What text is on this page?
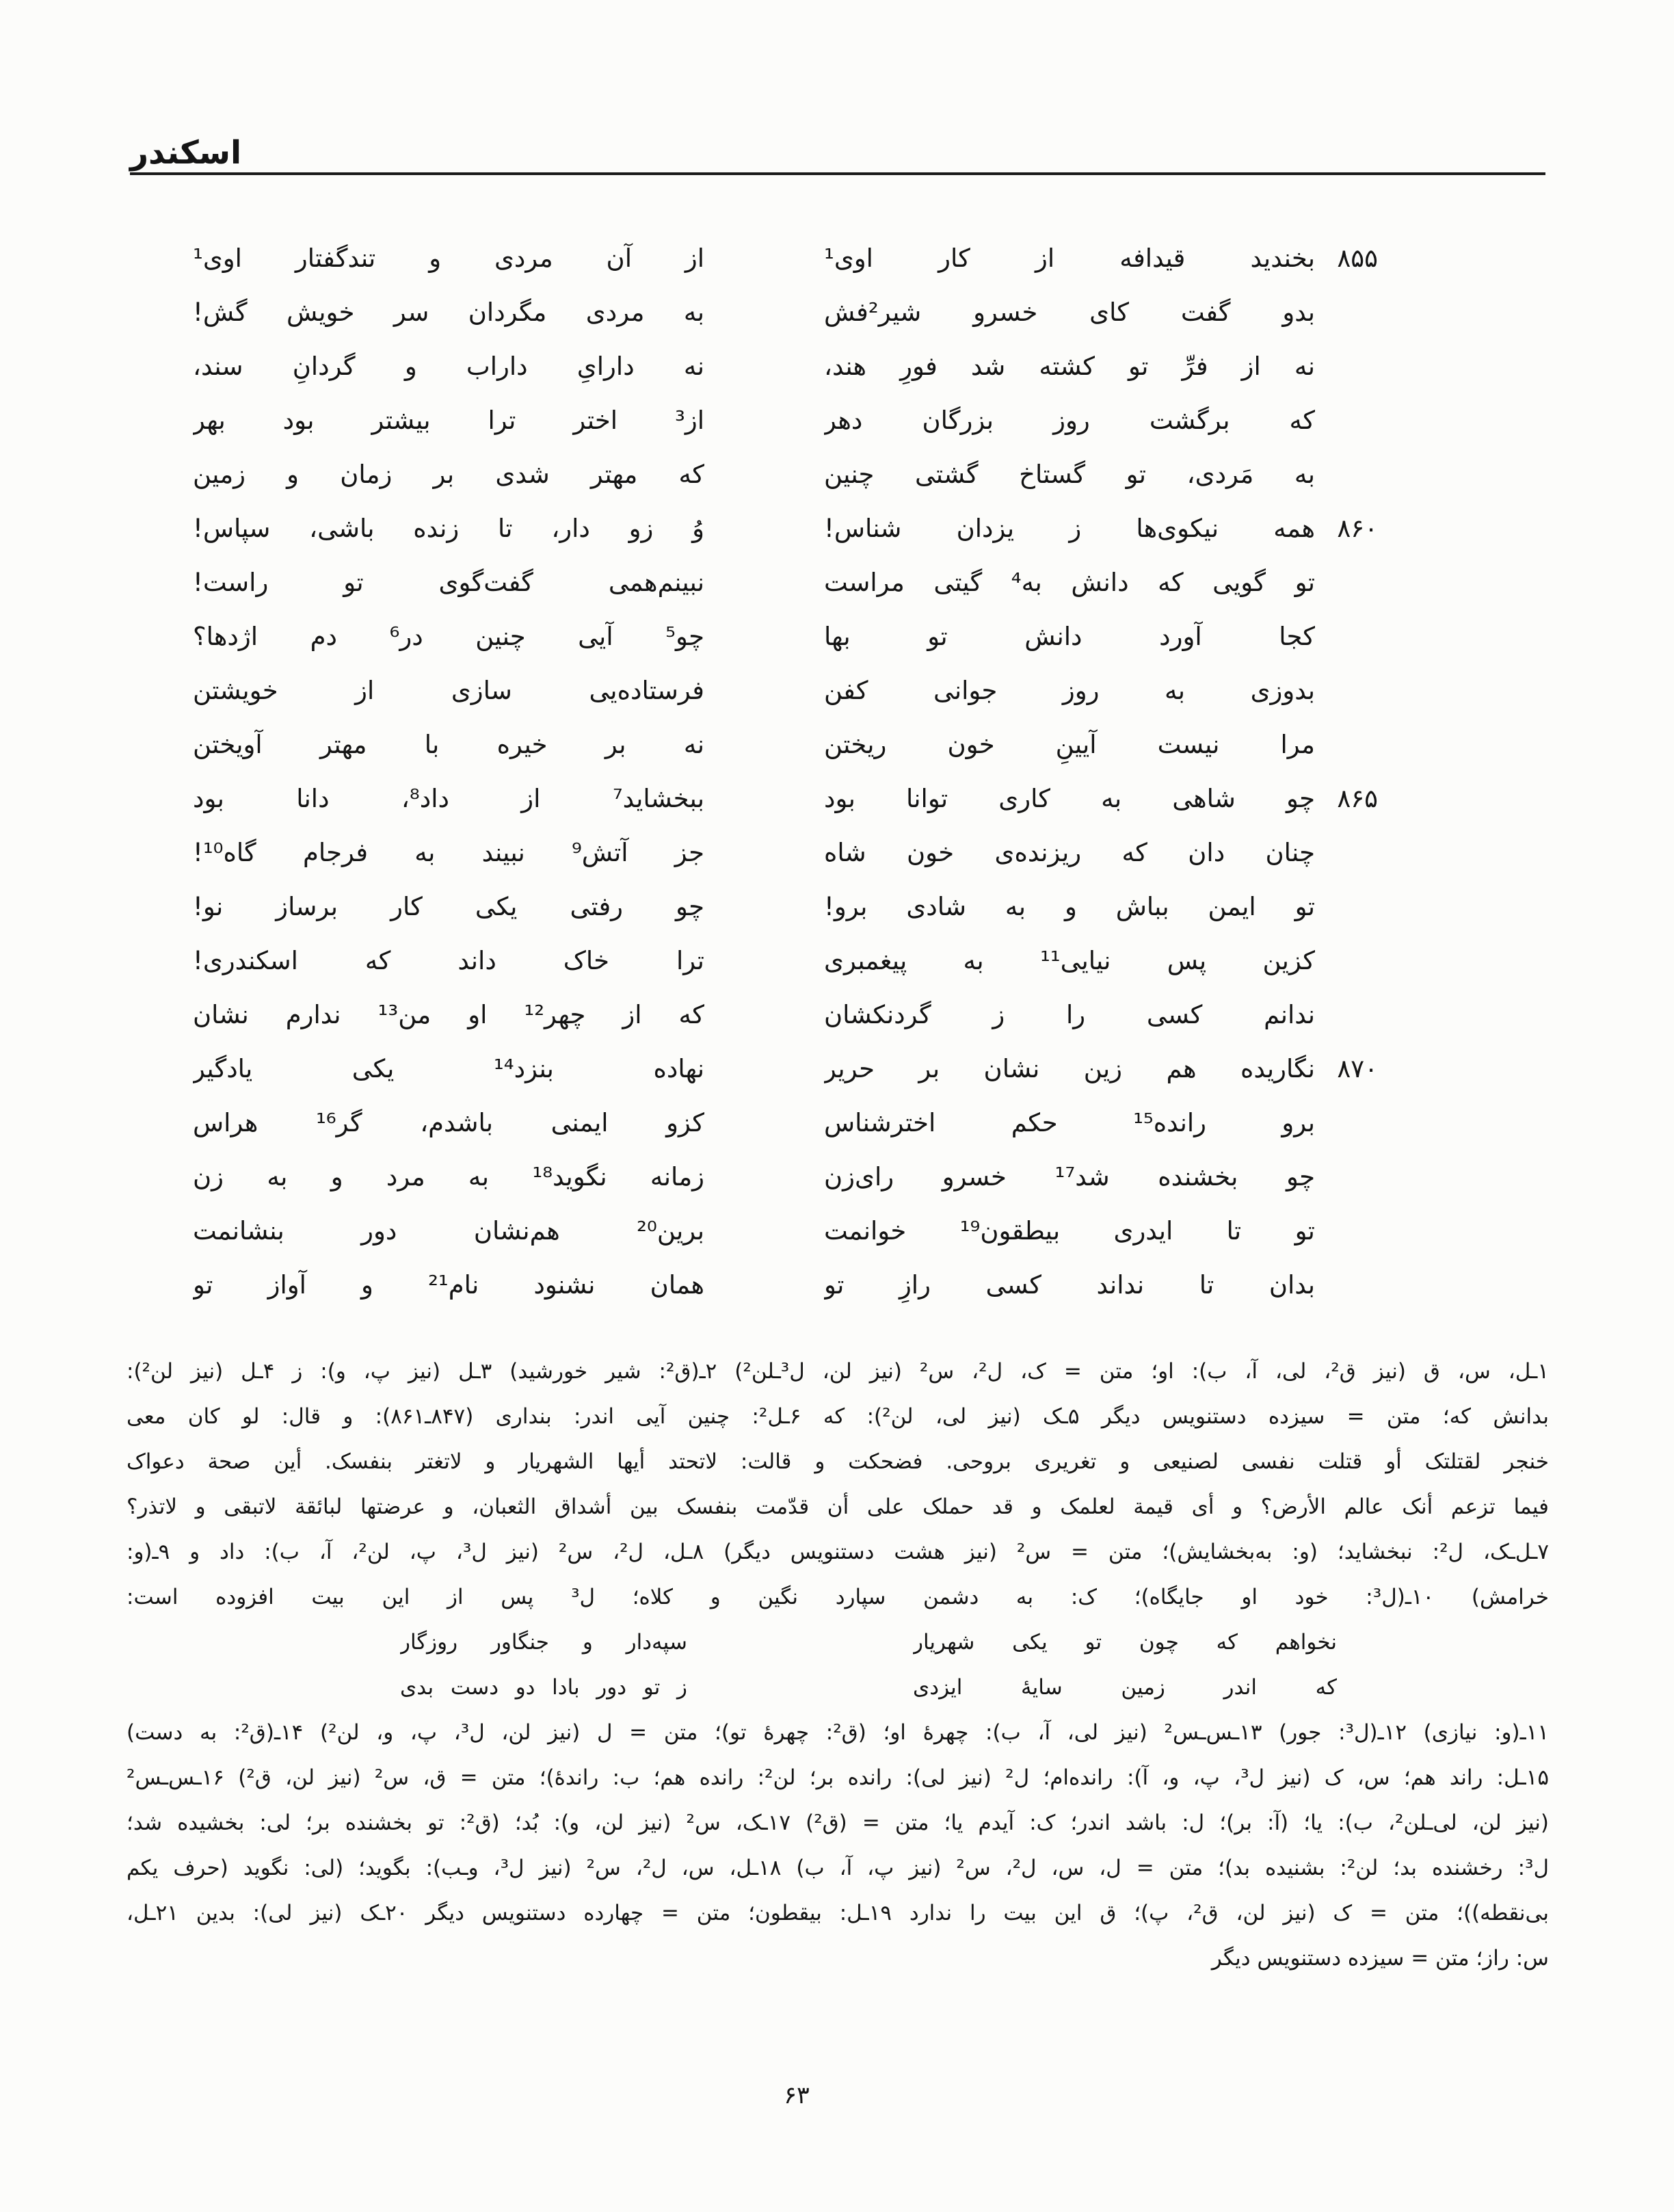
اسکندر
۸۵۵
بخندید قیدافه از کار اوی¹
از آن مردی و تندگفتار اوی¹
بدو گفت کای خسرو شیر²فش
به مردی مگردان سر خویش گش!
نه از فرِّ تو کشته شد فورِ هند،
نه دارایِ داراب و گردانِ سند،
که برگشت روز بزرگان دهر
از³ اختر ترا بیشتر بود بهر
به مَردی، تو گستاخ گشتی چنین
که مهتر شدی بر زمان و زمین
۸۶۰
همه نیکوی‌ها ز یزدان شناس!
وُ زو دار، تا زنده باشی، سپاس!
تو گویی که دانش به⁴ گیتی مراست
نبینم‌همی گفت‌گوی تو راست!
کجا آورد دانش تو بها
چو⁵ آیی چنین در⁶ دم اژدها؟
بدوزی به روز جوانی کفن
فرستاده‌یی سازی از خویشتن
مرا نیست آیینِ خون ریختن
نه بر خیره با مهتر آویختن
۸۶۵
چو شاهی به کاری توانا بود
ببخشاید⁷ از داد⁸، دانا بود
چنان دان که ریزنده‌ی خون شاه
جز آتش⁹ نبیند به فرجام گاه¹⁰!
تو ایمن بباش و به شادی برو!
چو رفتی یکی کار برساز نو!
کزین پس نیایی¹¹ به پیغمبری
ترا خاک داند که اسکندری!
ندانم کسی را ز گردنکشان
که از چهر¹² او من¹³ ندارم نشان
۸۷۰
نگاریده هم زین نشان بر حریر
نهاده بنزد¹⁴ یکی یادگیر
برو رانده¹⁵ حکم اخترشناس
کزو ایمنی باشدم، گر¹⁶ هراس
چو بخشنده شد¹⁷ خسرو رای‌زن
زمانه نگوید¹⁸ به مرد و به زن
تو تا ایدری بیطقون¹⁹ خوانمت
برین²⁰ هم‌نشان دور بنشانمت
بدان تا نداند کسی رازِ تو
همان نشنود نام²¹ و آواز تو
۱ـل، س، ق (نیز ق²، لی، آ، ب): او؛ متن = ک، ل²، س² (نیز لن، ل³ـلن²) ۲ـ(ق²: شیر خورشید) ۳ـل (نیز پ، و): ز ۴ـل (نیز لن²):
بدانش که؛ متن = سیزده دستنویس دیگر ۵ـک (نیز لی، لن²): که ۶ـل²: چنین آیی اندر: بنداری (۸۴۷ـ۸۶۱): و قال: لو کان معی
خنجر لقتلتک أو قتلت نفسی لصنیعی و تغریری بروحی. فضحکت و قالت: لاتحتد أیها الشهریار و لاتغتر بنفسک. أین صحة دعواک
فیما تزعم أنک عالم الأرض؟ و أی قیمة لعلمک و قد حملک علی أن قدّمت بنفسک بین أشداق الثعبان، و عرضتها لبائقة لاتبقی و لاتذر؟
۷ـل‌ـک، ل²: نبخشاید؛ (و: به‌بخشایش)؛ متن = س² (نیز هشت دستنویس دیگر) ۸ـل، ل²، س² (نیز ل³، پ، لن²، آ، ب): داد و ۹ـ(و:
خرامش) ۱۰ـ(ل³: خود او جایگاه)؛ ک: به دشمن سپارد نگین و کلاه؛ ل³ پس از این بیت افزوده است:
نخواهم که چون تو یکی شهریار
سپه‌دار و جنگاور روزگار
که اندر زمین سایهٔ ایزدی
ز تو دور بادا دو دست بدی
۱۱ـ(و: نیازی) ۱۲ـ(ل³: جور) ۱۳ـس‌ـس² (نیز لی، آ، ب): چهرهٔ او؛ (ق²: چهرهٔ تو)؛ متن = ل (نیز لن، ل³، پ، و، لن²) ۱۴ـ(ق²: به دست)
۱۵ـل: راند هم؛ س، ک (نیز ل³، پ، و، آ): رانده‌ام؛ ل² (نیز لی): رانده بر؛ لن²: رانده هم؛ ب: راندهٔ)؛ متن = ق، س² (نیز لن، ق²) ۱۶ـس‌ـس²
(نیز لن، لی‌ـلن²، ب): یا؛ (آ: بر)؛ ل: باشد اندر؛ ک: آیدم یا؛ متن = (ق²) ۱۷ـک، س² (نیز لن، و): بُد؛ (ق²: تو بخشنده بر؛ لی: بخشیده شد؛
ل³: رخشنده بد؛ لن²: بشنیده بد)؛ متن = ل، س، ل²، س² (نیز پ، آ، ب) ۱۸ـل، س، ل²، س² (نیز ل³، وـب): بگوید؛ (لی: نگوید (حرف یکم
بی‌نقطه))؛ متن = ک (نیز لن، ق²، پ)؛ ق این بیت را ندارد ۱۹ـل: بیقطون؛ متن = چهارده دستنویس دیگر ۲۰ـک (نیز لی): بدین ۲۱ـل،
س: راز؛ متن = سیزده دستنویس دیگر
۶۳
